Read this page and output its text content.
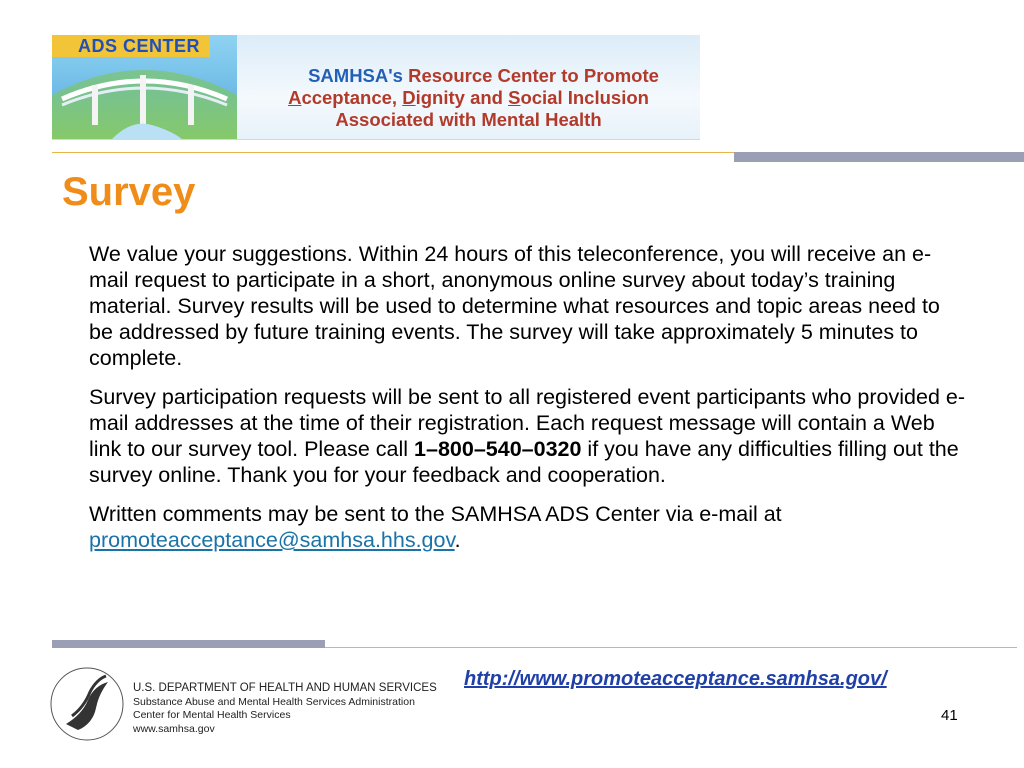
ADS CENTER
SAMHSA's Resource Center to Promote
Acceptance, Dignity and Social Inclusion
Associated with Mental Health
Survey

We value your suggestions. Within 24 hours of this teleconference, you will receive an e-mail request to participate in a short, anonymous online survey about today’s training material. Survey results will be used to determine what resources and topic areas need to be addressed by future training events. The survey will take approximately 5 minutes to complete.

Survey participation requests will be sent to all registered event participants who provided e-mail addresses at the time of their registration. Each request message will contain a Web link to our survey tool. Please call 1–800–540–0320 if you have any difficulties filling out the survey online. Thank you for your feedback and cooperation.

Written comments may be sent to the SAMHSA ADS Center via e-mail at promoteacceptance@samhsa.hhs.gov.

U.S. DEPARTMENT OF HEALTH AND HUMAN SERVICES
Substance Abuse and Mental Health Services Administration
Center for Mental Health Services
www.samhsa.gov
http://www.promoteacceptance.samhsa.gov/
41
